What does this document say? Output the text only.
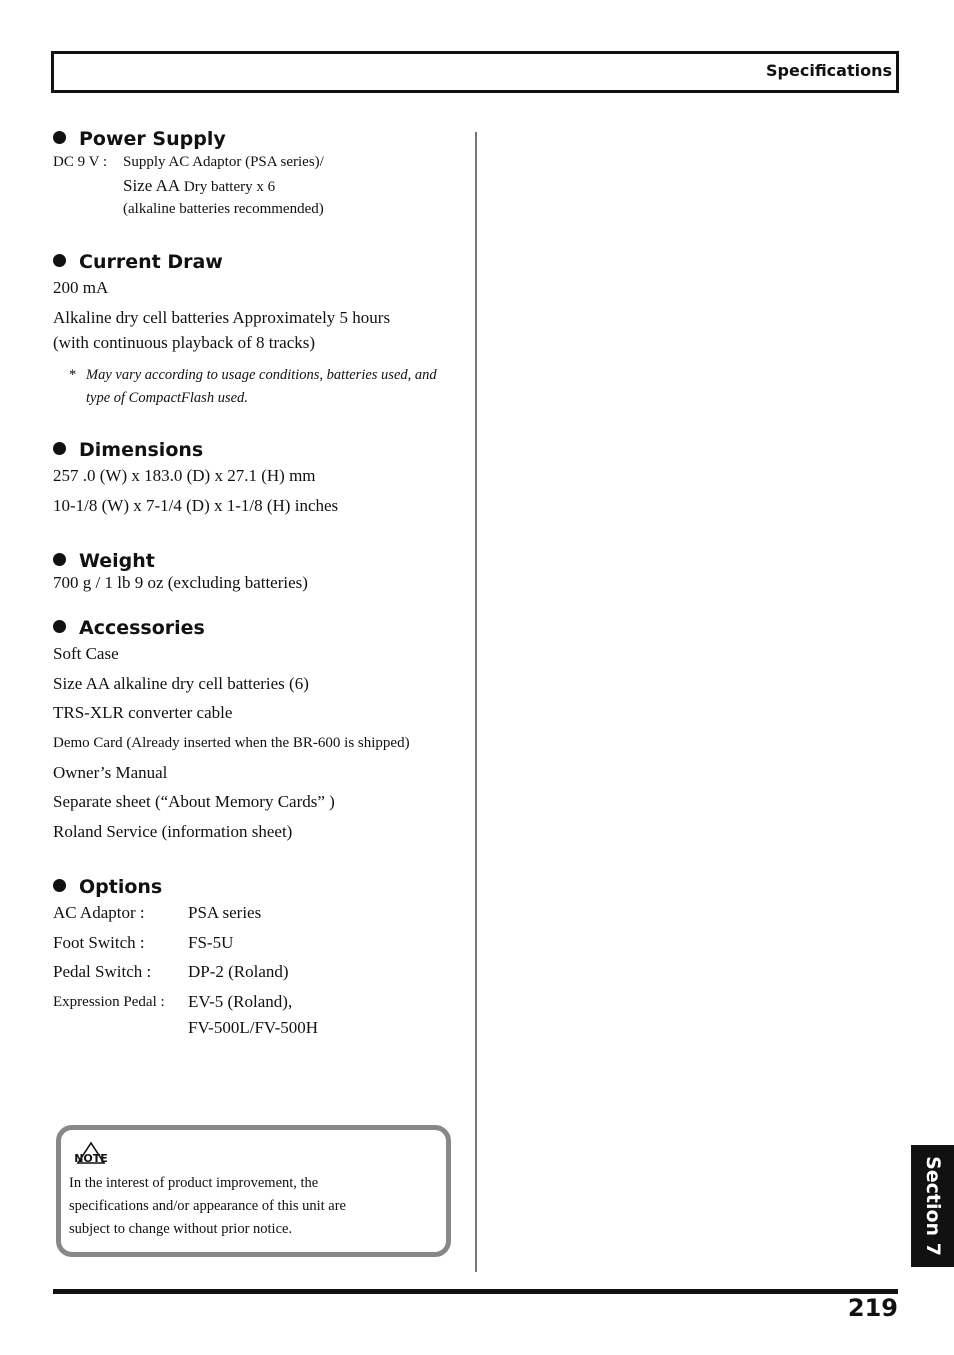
Specifications
Power Supply
DC 9 V : Supply AC Adaptor (PSA series)/
Size AA Dry battery x 6
(alkaline batteries recommended)
Current Draw
200 mA
Alkaline dry cell batteries Approximately 5 hours
(with continuous playback of 8 tracks)
* May vary according to usage conditions, batteries used, and
type of CompactFlash used.
Dimensions
257 .0 (W) x 183.0 (D) x 27.1 (H) mm
10-1/8 (W) x 7-1/4 (D) x 1-1/8 (H) inches
Weight
700 g / 1 lb 9 oz (excluding batteries)
Accessories
Soft Case
Size AA alkaline dry cell batteries (6)
TRS-XLR converter cable
Demo Card (Already inserted when the BR-600 is shipped)
Owner’s Manual
Separate sheet (“About Memory Cards” )
Roland Service (information sheet)
Options
AC Adaptor :	PSA series
Foot Switch :	FS-5U
Pedal Switch : DP-2 (Roland)
Expression Pedal : EV-5 (Roland),
FV-500L/FV-500H
NOTE
In the interest of product improvement, the
specifications and/or appearance of this unit are
subject to change without prior notice.	Section 7
219
